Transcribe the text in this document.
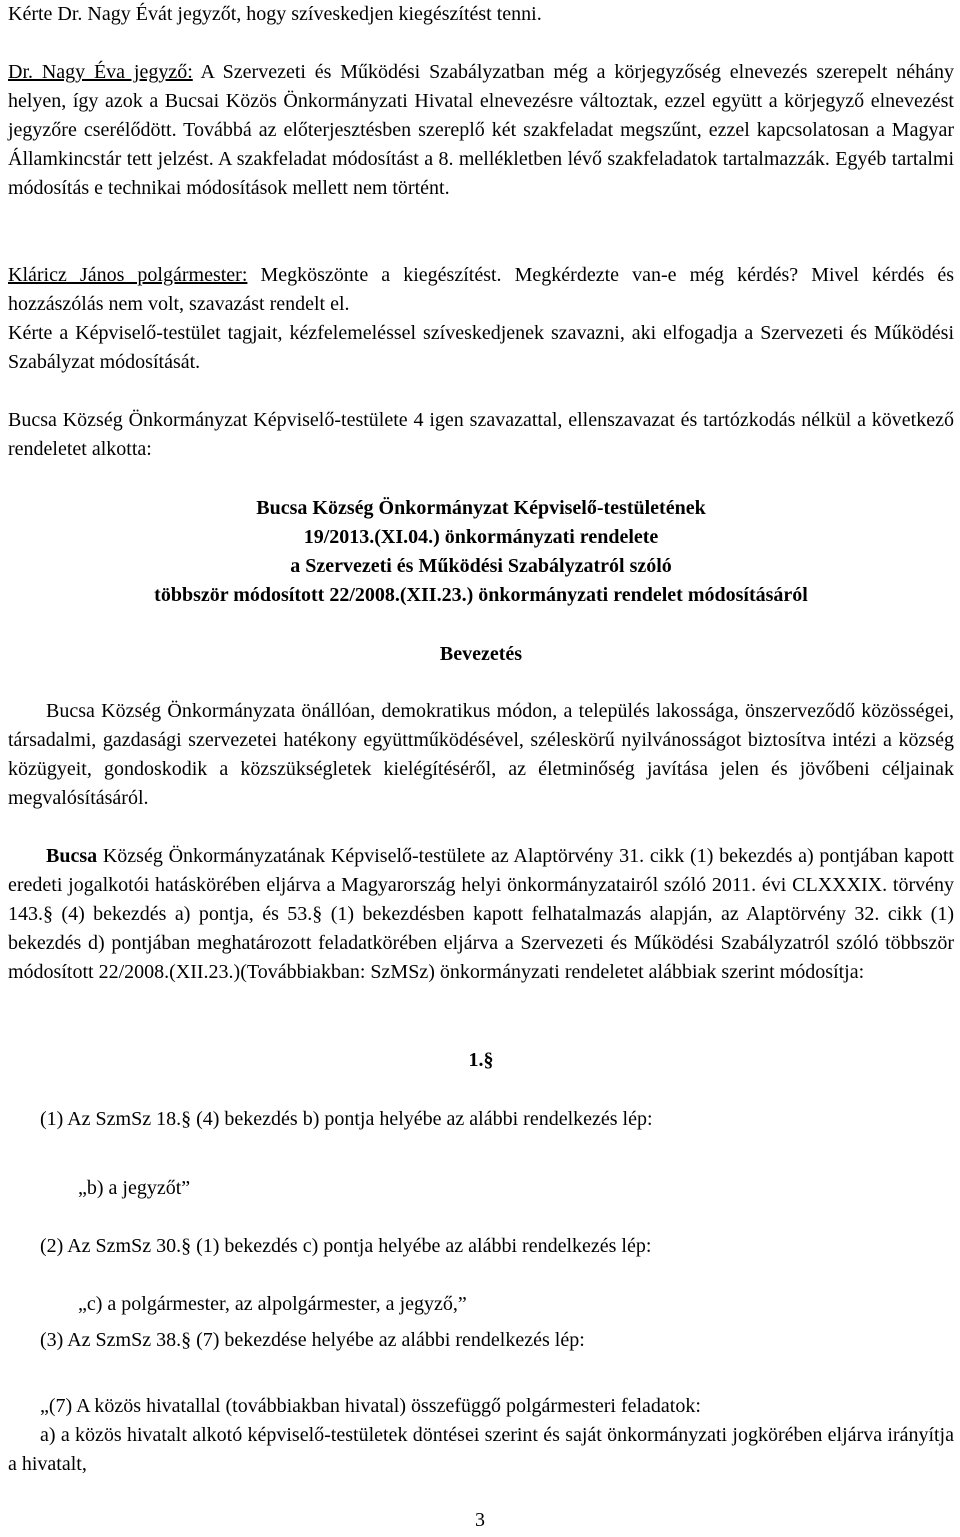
Kérte Dr. Nagy Évát jegyzőt, hogy szíveskedjen kiegészítést tenni.

Dr. Nagy Éva jegyző: A Szervezeti és Működési Szabályzatban még a körjegyzőség elnevezés szerepelt néhány helyen, így azok a Bucsai Közös Önkormányzati Hivatal elnevezésre változtak, ezzel együtt a körjegyző elnevezést jegyzőre cserélődött. Továbbá az előterjesztésben szereplő két szakfeladat megszűnt, ezzel kapcsolatosan a Magyar Államkincstár tett jelzést. A szakfeladat módosítást a 8. mellékletben lévő szakfeladatok tartalmazzák. Egyéb tartalmi módosítás e technikai módosítások mellett nem történt.

Kláricz János polgármester: Megköszönte a kiegészítést. Megkérdezte van-e még kérdés? Mivel kérdés és hozzászólás nem volt, szavazást rendelt el.

Kérte a Képviselő-testület tagjait, kézfelemeléssel szíveskedjenek szavazni, aki elfogadja a Szervezeti és Működési Szabályzat módosítását.

Bucsa Község Önkormányzat Képviselő-testülete 4 igen szavazattal, ellenszavazat és tartózkodás nélkül a következő rendeletet alkotta:

Bucsa Község Önkormányzat Képviselő-testületének
19/2013.(XI.04.) önkormányzati rendelete
a Szervezeti és Működési Szabályzatról szóló
többször módosított 22/2008.(XII.23.) önkormányzati rendelet módosításáról
Bevezetés

Bucsa Község Önkormányzata önállóan, demokratikus módon, a település lakossága, önszerveződő közösségei, társadalmi, gazdasági szervezetei hatékony együttműködésével, széleskörű nyilvánosságot biztosítva intézi a község közügyeit, gondoskodik a közszükségletek kielégítéséről, az életminőség javítása jelen és jövőbeni céljainak megvalósításáról.

Bucsa Község Önkormányzatának Képviselő-testülete az Alaptörvény 31. cikk (1) bekezdés a) pontjában kapott eredeti jogalkotói hatáskörében eljárva a Magyarország helyi önkormányzatairól szóló 2011. évi CLXXXIX. törvény 143.§ (4) bekezdés a) pontja, és 53.§ (1) bekezdésben kapott felhatalmazás alapján, az Alaptörvény 32. cikk (1) bekezdés d) pontjában meghatározott feladatkörében eljárva a Szervezeti és Működési Szabályzatról szóló többször módosított 22/2008.(XII.23.)(Továbbiakban: SzMSz) önkormányzati rendeletet alábbiak szerint módosítja:

1.§

(1) Az SzmSz 18.§ (4) bekezdés b) pontja helyébe az alábbi rendelkezés lép:

„b) a jegyzőt”

(2) Az SzmSz 30.§ (1) bekezdés c) pontja helyébe az alábbi rendelkezés lép:

„c) a polgármester, az alpolgármester, a jegyző,”

(3) Az SzmSz 38.§ (7) bekezdése helyébe az alábbi rendelkezés lép:

„(7) A közös hivatallal (továbbiakban hivatal) összefüggő polgármesteri feladatok:

a) a közös hivatalt alkotó képviselő-testületek döntései szerint és saját önkormányzati jogkörében eljárva irányítja a hivatalt,

3
